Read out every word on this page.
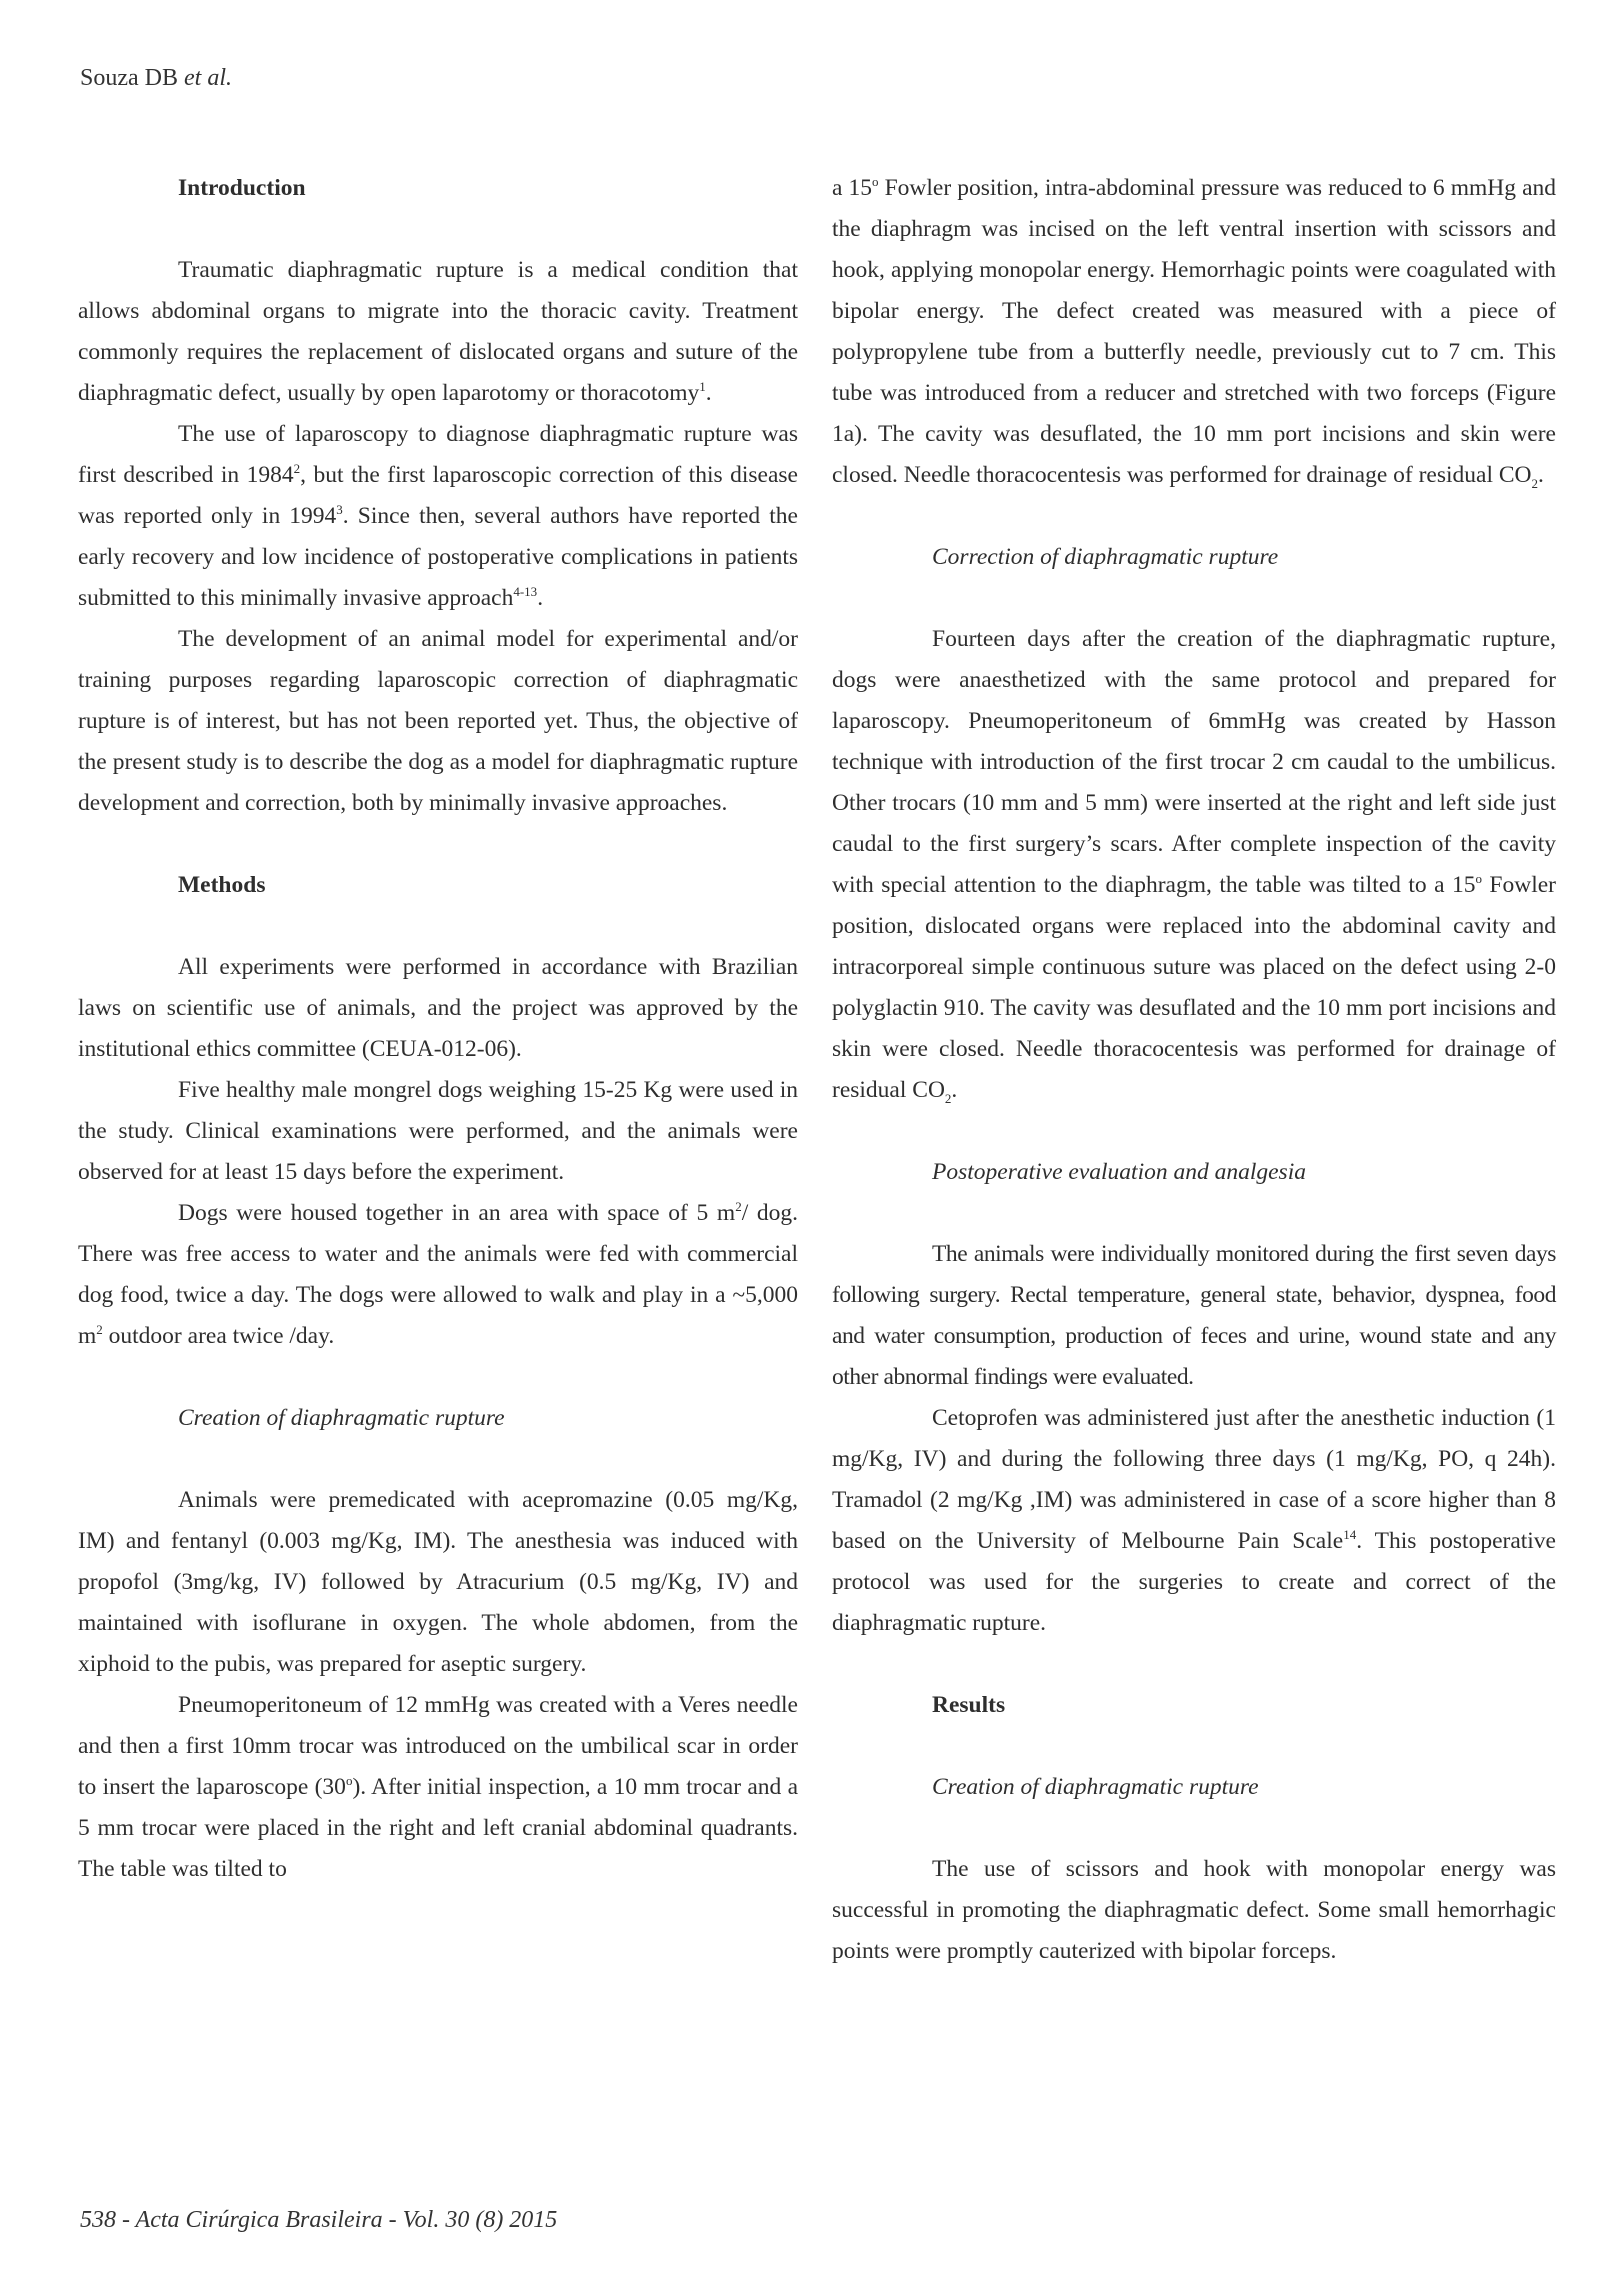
Souza DB et al.
Introduction

Traumatic diaphragmatic rupture is a medical condition that allows abdominal organs to migrate into the thoracic cavity. Treatment commonly requires the replacement of dislocated organs and suture of the diaphragmatic defect, usually by open laparotomy or thoracotomy$^1$.

The use of laparoscopy to diagnose diaphragmatic rupture was first described in 1984$^2$, but the first laparoscopic correction of this disease was reported only in 1994$^3$. Since then, several authors have reported the early recovery and low incidence of postoperative complications in patients submitted to this minimally invasive approach$^{4-13}$.

The development of an animal model for experimental and/or training purposes regarding laparoscopic correction of diaphragmatic rupture is of interest, but has not been reported yet. Thus, the objective of the present study is to describe the dog as a model for diaphragmatic rupture development and correction, both by minimally invasive approaches.

Methods

All experiments were performed in accordance with Brazilian laws on scientific use of animals, and the project was approved by the institutional ethics committee (CEUA-012-06).

Five healthy male mongrel dogs weighing 15-25 Kg were used in the study. Clinical examinations were performed, and the animals were observed for at least 15 days before the experiment.

Dogs were housed together in an area with space of 5 $m^2/$ dog. There was free access to water and the animals were fed with commercial dog food, twice a day. The dogs were allowed to walk and play in a ~5,000 $m^2$ outdoor area twice /day.

Creation of diaphragmatic rupture

Animals were premedicated with acepromazine (0.05 mg/Kg, IM) and fentanyl (0.003 mg/Kg, IM). The anesthesia was induced with propofol (3mg/kg, IV) followed by Atracurium (0.5 mg/Kg, IV) and maintained with isoflurane in oxygen. The whole abdomen, from the xiphoid to the pubis, was prepared for aseptic surgery.

Pneumoperitoneum of 12 mmHg was created with a Veres needle and then a first 10mm trocar was introduced on the umbilical scar in order to insert the laparoscope (30$^o$). After initial inspection, a 10 mm trocar and a 5 mm trocar were placed in the right and left cranial abdominal quadrants. The table was tilted to

a 15$^o$ Fowler position, intra-abdominal pressure was reduced to 6 mmHg and the diaphragm was incised on the left ventral insertion with scissors and hook, applying monopolar energy. Hemorrhagic points were coagulated with bipolar energy. The defect created was measured with a piece of polypropylene tube from a butterfly needle, previously cut to 7 cm. This tube was introduced from a reducer and stretched with two forceps (Figure 1a). The cavity was desuflated, the 10 mm port incisions and skin were closed. Needle thoracocentesis was performed for drainage of residual $CO_2$.

Correction of diaphragmatic rupture

Fourteen days after the creation of the diaphragmatic rupture, dogs were anaesthetized with the same protocol and prepared for laparoscopy. Pneumoperitoneum of 6mmHg was created by Hasson technique with introduction of the first trocar 2 cm caudal to the umbilicus. Other trocars (10 mm and 5 mm) were inserted at the right and left side just caudal to the first surgery’s scars. After complete inspection of the cavity with special attention to the diaphragm, the table was tilted to a 15$^o$ Fowler position, dislocated organs were replaced into the abdominal cavity and intracorporeal simple continuous suture was placed on the defect using 2-0 polyglactin 910. The cavity was desuflated and the 10 mm port incisions and skin were closed. Needle thoracocentesis was performed for drainage of residual $CO_2$.

Postoperative evaluation and analgesia

The animals were individually monitored during the first seven days following surgery. Rectal temperature, general state, behavior, dyspnea, food and water consumption, production of feces and urine, wound state and any other abnormal findings were evaluated.

Cetoprofen was administered just after the anesthetic induction (1 mg/Kg, IV) and during the following three days (1 mg/Kg, PO, q 24h). Tramadol (2 mg/Kg ,IM) was administered in case of a score higher than 8 based on the University of Melbourne Pain Scale$^{14}$. This postoperative protocol was used for the surgeries to create and correct of the diaphragmatic rupture.

Results
Creation of diaphragmatic rupture

The use of scissors and hook with monopolar energy was successful in promoting the diaphragmatic defect. Some small hemorrhagic points were promptly cauterized with bipolar forceps.

538 - Acta Cirúrgica Brasileira - Vol. 30 (8) 2015
